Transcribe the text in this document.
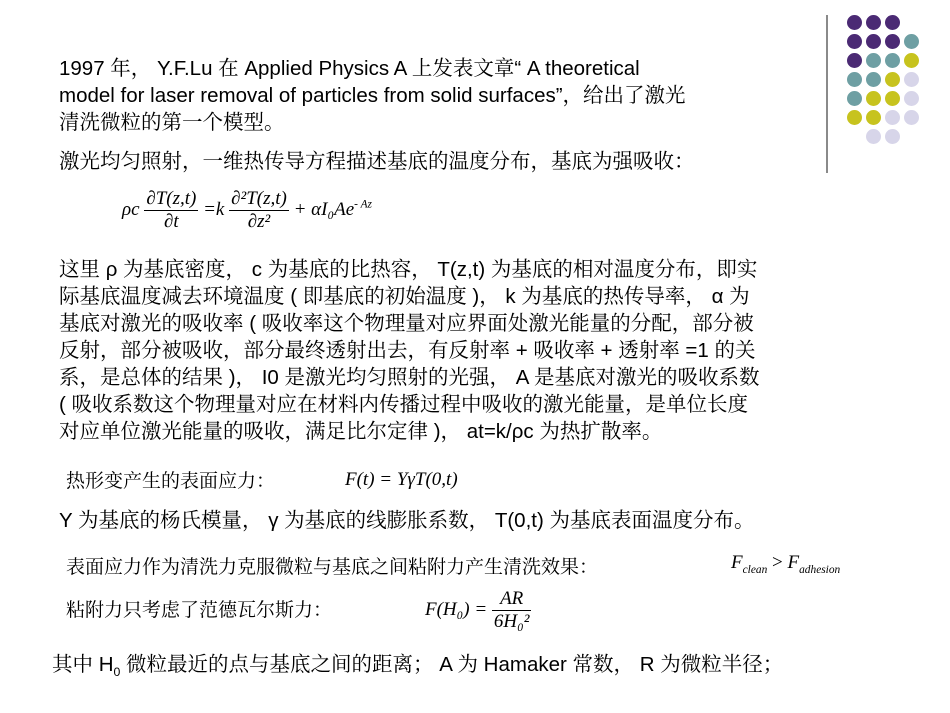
1997 年， Y.F.Lu 在 Applied Physics A 上发表文章“ A theoretical
model for laser removal of particles from solid surfaces”，给出了激光
清洗微粒的第一个模型。
激光均匀照射，一维热传导方程描述基底的温度分布，基底为强吸收：
ρc $\frac{\partial T(z,t)}{\partial t} =k \frac{\text{∂²T(z,t)}}{\text{∂z²}} + \alpha I_0Ae^{- Az}$
这里 ρ 为基底密度， c 为基底的比热容， T(z,t) 为基底的相对温度分布，即实
际基底温度减去环境温度 ( 即基底的初始温度 )， k 为基底的热传导率， α 为
基底对激光的吸收率 ( 吸收率这个物理量对应界面处激光能量的分配，部分被
反射，部分被吸收，部分最终透射出去，有反射率 + 吸收率 + 透射率 =1 的关
系，是总体的结果 )， I0 是激光均匀照射的光强， A 是基底对激光的吸收系数
( 吸收系数这个物理量对应在材料内传播过程中吸收的激光能量，是单位长度
对应单位激光能量的吸收，满足比尔定律 )， at=k/ρc 为热扩散率。
热形变产生的表面应力：	F(t) = YγT(0,t)
Y 为基底的杨氏模量， γ 为基底的线膨胀系数， T(0,t) 为基底表面温度分布。
表面应力作为清洗力克服微粒与基底之间粘附力产生清洗效果：	$F_{clean} > F_{adhesion}$
粘附力只考虑了范德瓦尔斯力：	$F(H_0) = \frac{AR}{\text{6H₀²}}$
其中 $H_0$ 微粒最近的点与基底之间的距离； A 为 Hamaker 常数， R 为微粒半径；
